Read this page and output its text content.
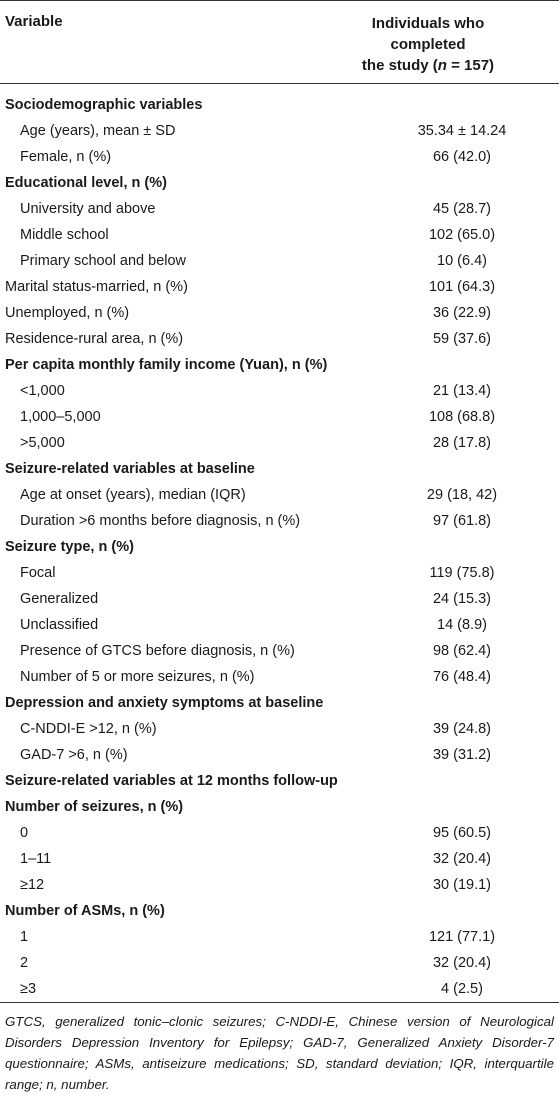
Variable	Individuals who completed
the study (n = 157)
Sociodemographic variables	
Age (years), mean ± SD	35.34 ± 14.24
Female, n (%)	66 (42.0)
Educational level, n (%)	
University and above	45 (28.7)
Middle school	102 (65.0)
Primary school and below	10 (6.4)
Marital status-married, n (%)	101 (64.3)
Unemployed, n (%)	36 (22.9)
Residence-rural area, n (%)	59 (37.6)
Per capita monthly family income (Yuan), n (%)	
<1,000	21 (13.4)
1,000–5,000	108 (68.8)
>5,000	28 (17.8)
Seizure-related variables at baseline	
Age at onset (years), median (IQR)	29 (18, 42)
Duration >6 months before diagnosis, n (%)	97 (61.8)
Seizure type, n (%)	
Focal	119 (75.8)
Generalized	24 (15.3)
Unclassified	14 (8.9)
Presence of GTCS before diagnosis, n (%)	98 (62.4)
Number of 5 or more seizures, n (%)	76 (48.4)
Depression and anxiety symptoms at baseline	
C-NDDI-E >12, n (%)	39 (24.8)
GAD-7 >6, n (%)	39 (31.2)
Seizure-related variables at 12 months follow-up	
Number of seizures, n (%)	
0	95 (60.5)
1–11	32 (20.4)
≥12	30 (19.1)
Number of ASMs, n (%)	
1	121 (77.1)
2	32 (20.4)
≥3	4 (2.5)
GTCS, generalized tonic–clonic seizures; C-NDDI-E, Chinese version of Neurological Disorders Depression Inventory for Epilepsy; GAD-7, Generalized Anxiety Disorder-7 questionnaire; ASMs, antiseizure medications; SD, standard deviation; IQR, interquartile range; n, number.
